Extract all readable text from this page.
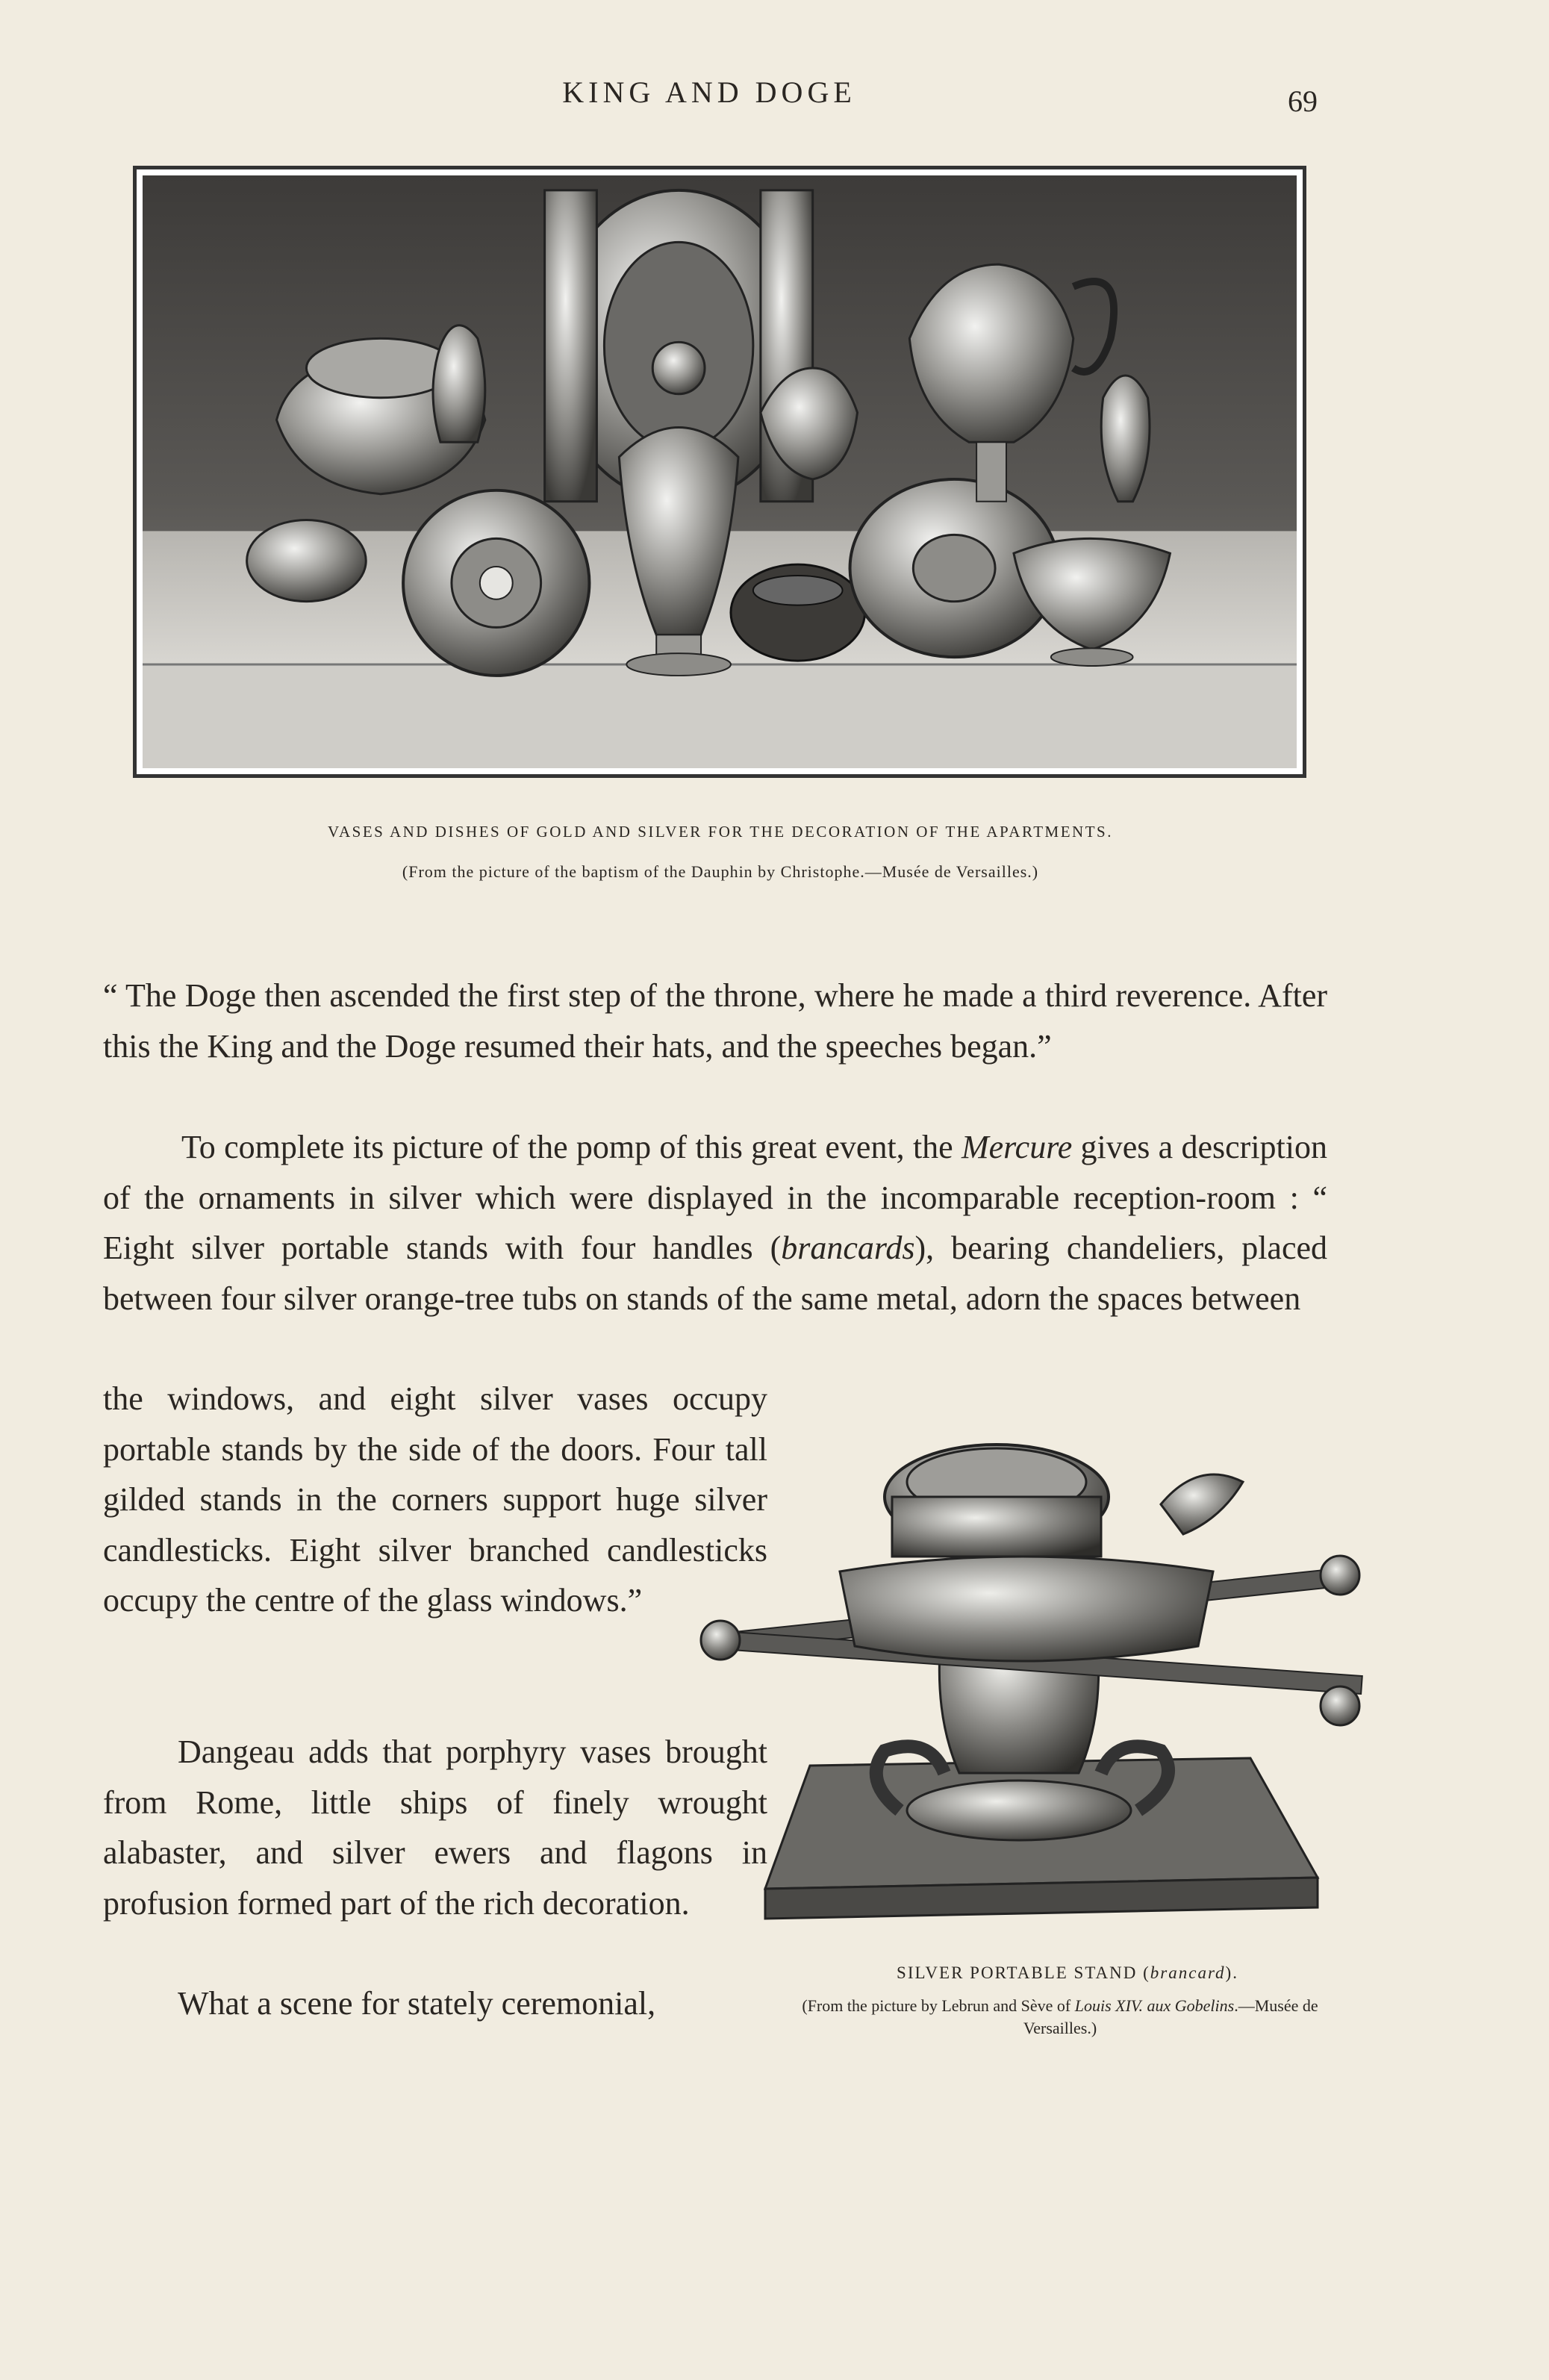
KING AND DOGE	69
VASES AND DISHES OF GOLD AND SILVER FOR THE DECORATION OF THE APARTMENTS.
(From the picture of the baptism of the Dauphin by Christophe.—Musée de Versailles.)

“ The Doge then ascended the first step of the throne, where he made a third reverence. After this the King and the Doge resumed their hats, and the speeches began.”

To complete its picture of the pomp of this great event, the Mercure gives a description of the ornaments in silver which were displayed in the incomparable reception-room : “ Eight silver portable stands with four handles (brancards), bearing chandeliers, placed between four silver orange-tree tubs on stands of the same metal, adorn the spaces between

the windows, and eight silver vases occupy portable stands by the side of the doors. Four tall gilded stands in the corners support huge silver candlesticks. Eight silver branched candlesticks occupy the centre of the glass windows.”

Dangeau adds that porphyry vases brought from Rome, little ships of finely wrought alabaster, and silver ewers and flagons in profusion formed part of the rich decoration.

What a scene for stately ceremonial,

SILVER PORTABLE STAND (brancard).
(From the picture by Lebrun and Sève of Louis XIV. aux Gobelins.—Musée de Versailles.)
